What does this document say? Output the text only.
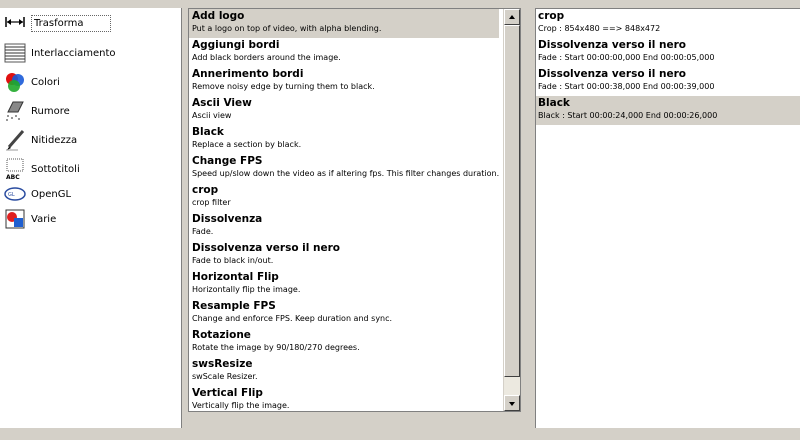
Trasforma
Interlacciamento
Colori
Rumore
Nitidezza
ABC
Sottotitoli
GL OpenGL
Varie
Add logo
Put a logo on top of video, with alpha blending.
Aggiungi bordi
Add black borders around the image.
Annerimento bordi
Remove noisy edge by turning them to black.
Ascii View
Ascii view
Black
Replace a section by black.
Change FPS
Speed up/slow down the video as if altering fps. This filter changes duration.
crop
crop filter
Dissolvenza
Fade.
Dissolvenza verso il nero
Fade to black in/out.
Horizontal Flip
Horizontally flip the image.
Resample FPS
Change and enforce FPS. Keep duration and sync.
Rotazione
Rotate the image by 90/180/270 degrees.
swsResize
swScale Resizer.
Vertical Flip
Vertically flip the image.
crop
Crop : 854x480 ==> 848x472
Dissolvenza verso il nero
Fade : Start 00:00:00,000 End 00:00:05,000
Dissolvenza verso il nero
Fade : Start 00:00:38,000 End 00:00:39,000
Black
Black : Start 00:00:24,000 End 00:00:26,000
